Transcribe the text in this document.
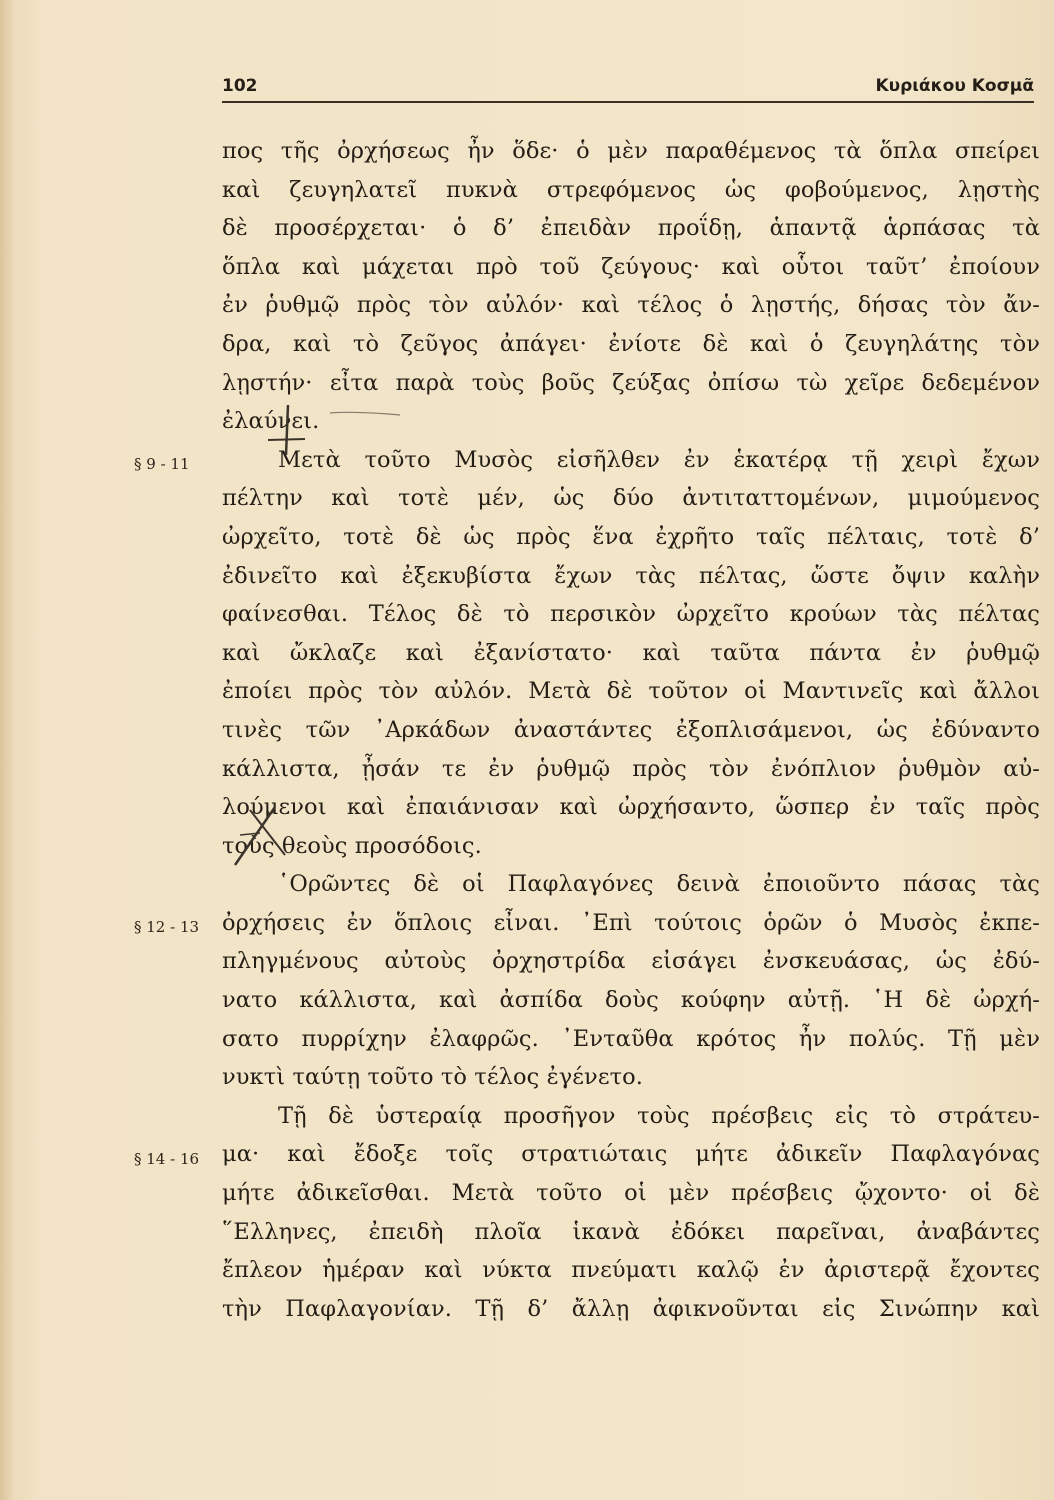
102	Κυριάκου Κοσμᾶ
πος τῆς ὀρχήσεως ἦν ὅδε· ὁ μὲν παραθέμενος τὰ ὅπλα σπείρει
καὶ ζευγηλατεῖ πυκνὰ στρεφόμενος ὡς φοβούμενος, λῃστὴς
δὲ προσέρχεται· ὁ δ’ ἐπειδὰν προΐδῃ, ἁπαντᾷ ἁρπάσας τὰ
ὅπλα καὶ μάχεται πρὸ τοῦ ζεύγους· καὶ οὗτοι ταῦτ’ ἐποίουν
ἐν ῥυθμῷ πρὸς τὸν αὐλόν· καὶ τέλος ὁ λῃστής, δήσας τὸν ἄν-
δρα, καὶ τὸ ζεῦγος ἀπάγει· ἐνίοτε δὲ καὶ ὁ ζευγηλάτης τὸν
λῃστήν· εἶτα παρὰ τοὺς βοῦς ζεύξας ὀπίσω τὼ χεῖρε δεδεμένον
ἐλαύνει.
Μετὰ τοῦτο Μυσὸς εἰσῆλθεν ἐν ἑκατέρᾳ τῇ χειρὶ ἔχων
πέλτην καὶ τοτὲ μέν, ὡς δύο ἀντιταττομένων, μιμούμενος
ὠρχεῖτο, τοτὲ δὲ ὡς πρὸς ἕνα ἐχρῆτο ταῖς πέλταις, τοτὲ δ’
ἐδινεῖτο καὶ ἐξεκυβίστα ἔχων τὰς πέλτας, ὥστε ὄψιν καλὴν
φαίνεσθαι. Τέλος δὲ τὸ περσικὸν ὠρχεῖτο κρούων τὰς πέλτας
καὶ ὤκλαζε καὶ ἐξανίστατο· καὶ ταῦτα πάντα ἐν ῥυθμῷ
ἐποίει πρὸς τὸν αὐλόν. Μετὰ δὲ τοῦτον οἱ Μαντινεῖς καὶ ἄλλοι
τινὲς τῶν ᾿Αρκάδων ἀναστάντες ἐξοπλισάμενοι, ὡς ἐδύναντο
κάλλιστα, ᾖσάν τε ἐν ῥυθμῷ πρὸς τὸν ἐνόπλιον ῥυθμὸν αὐ-
λούμενοι καὶ ἐπαιάνισαν καὶ ὠρχήσαντο, ὥσπερ ἐν ταῖς πρὸς
τοὺς θεοὺς προσόδοις.
῾Ορῶντες δὲ οἱ Παφλαγόνες δεινὰ ἐποιοῦντο πάσας τὰς
ὀρχήσεις ἐν ὅπλοις εἶναι. ᾿Επὶ τούτοις ὁρῶν ὁ Μυσὸς ἐκπε-
πληγμένους αὐτοὺς ὀρχηστρίδα εἰσάγει ἐνσκευάσας, ὡς ἐδύ-
νατο κάλλιστα, καὶ ἀσπίδα δοὺς κούφην αὐτῇ. ῾Η δὲ ὠρχή-
σατο πυρρίχην ἐλαφρῶς. ᾿Ενταῦθα κρότος ἦν πολύς. Τῇ μὲν
νυκτὶ ταύτῃ τοῦτο τὸ τέλος ἐγένετο.
Τῇ δὲ ὑστεραίᾳ προσῆγον τοὺς πρέσβεις εἰς τὸ στράτευ-
μα· καὶ ἔδοξε τοῖς στρατιώταις μήτε ἀδικεῖν Παφλαγόνας
μήτε ἀδικεῖσθαι. Μετὰ τοῦτο οἱ μὲν πρέσβεις ᾤχοντο· οἱ δὲ
῞Ελληνες, ἐπειδὴ πλοῖα ἱκανὰ ἐδόκει παρεῖναι, ἀναβάντες
ἔπλεον ἡμέραν καὶ νύκτα πνεύματι καλῷ ἐν ἀριστερᾷ ἔχοντες
τὴν Παφλαγονίαν. Τῇ δ’ ἄλλῃ ἀφικνοῦνται εἰς Σινώπην καὶ
§ 9 - 11
§ 12 - 13
§ 14 - 16
